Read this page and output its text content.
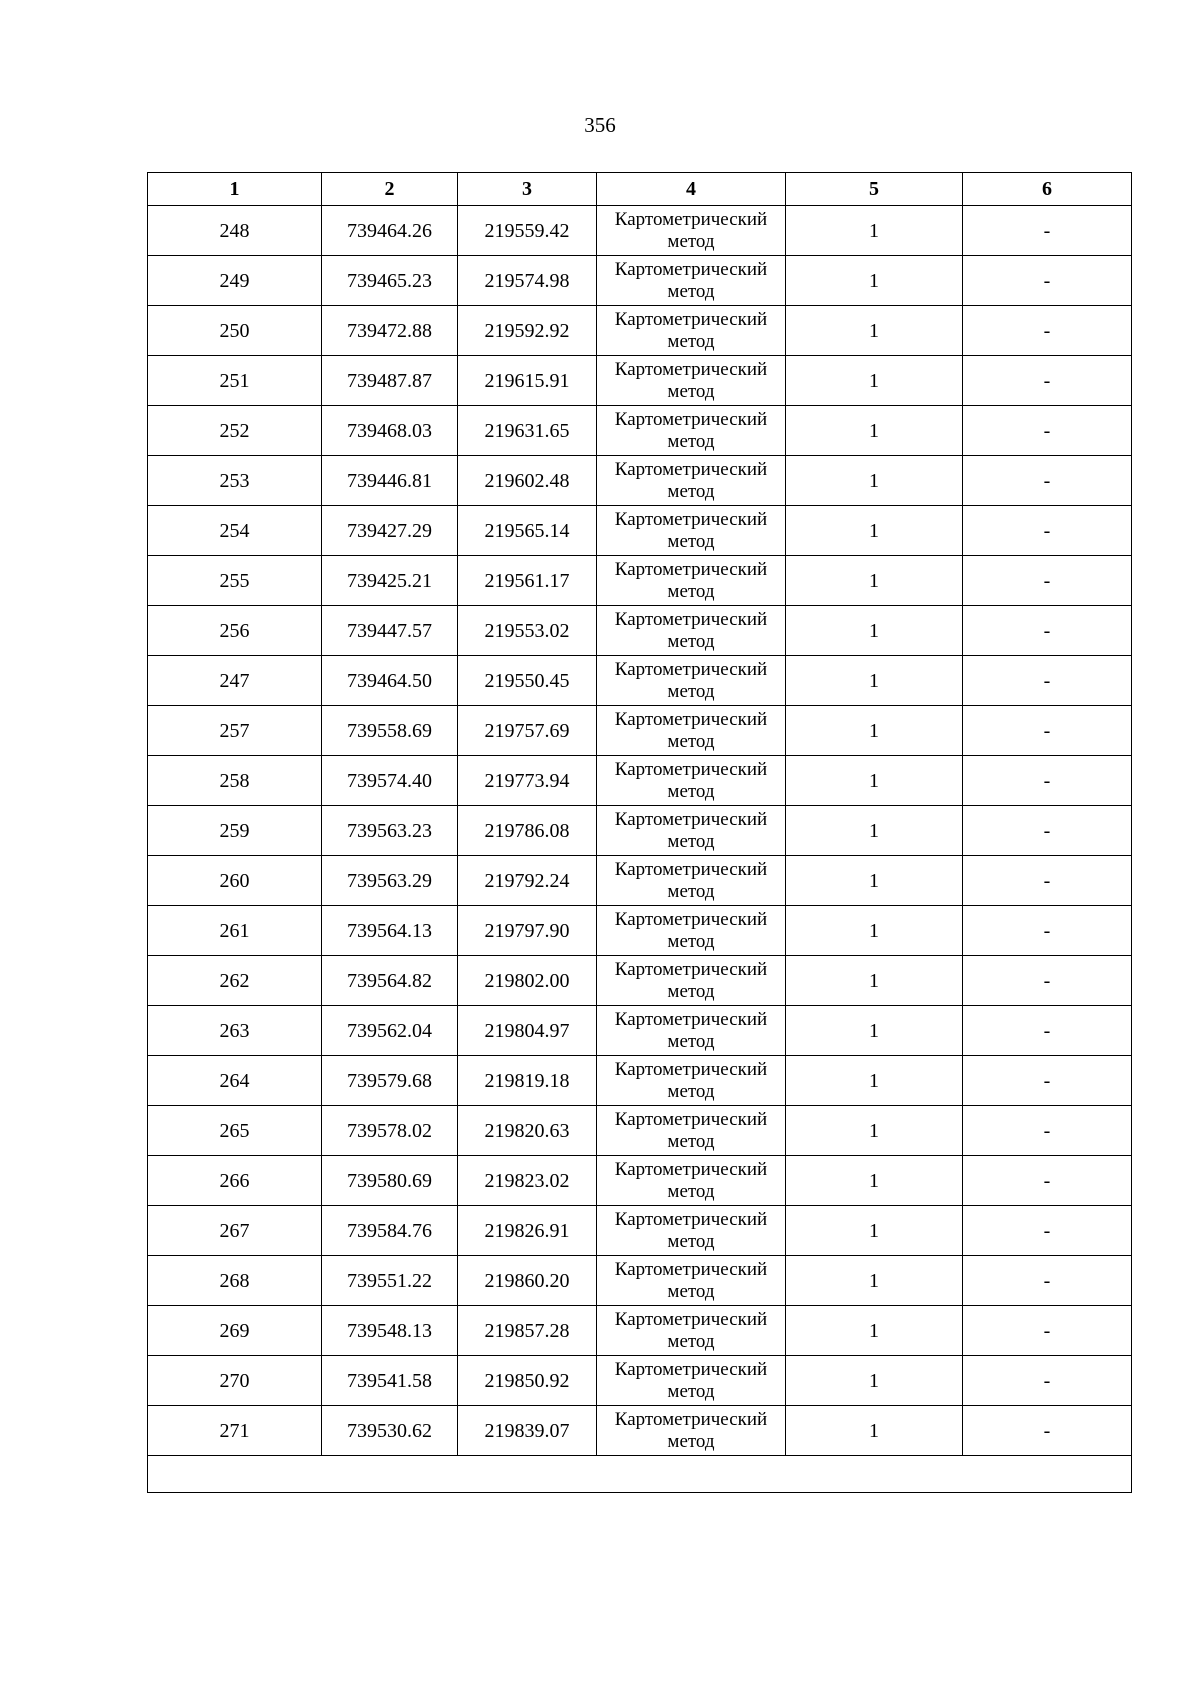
356
1	2	3	4	5	6
248	739464.26	219559.42	Картометрический метод	1	-
249	739465.23	219574.98	Картометрический метод	1	-
250	739472.88	219592.92	Картометрический метод	1	-
251	739487.87	219615.91	Картометрический метод	1	-
252	739468.03	219631.65	Картометрический метод	1	-
253	739446.81	219602.48	Картометрический метод	1	-
254	739427.29	219565.14	Картометрический метод	1	-
255	739425.21	219561.17	Картометрический метод	1	-
256	739447.57	219553.02	Картометрический метод	1	-
247	739464.50	219550.45	Картометрический метод	1	-
257	739558.69	219757.69	Картометрический метод	1	-
258	739574.40	219773.94	Картометрический метод	1	-
259	739563.23	219786.08	Картометрический метод	1	-
260	739563.29	219792.24	Картометрический метод	1	-
261	739564.13	219797.90	Картометрический метод	1	-
262	739564.82	219802.00	Картометрический метод	1	-
263	739562.04	219804.97	Картометрический метод	1	-
264	739579.68	219819.18	Картометрический метод	1	-
265	739578.02	219820.63	Картометрический метод	1	-
266	739580.69	219823.02	Картометрический метод	1	-
267	739584.76	219826.91	Картометрический метод	1	-
268	739551.22	219860.20	Картометрический метод	1	-
269	739548.13	219857.28	Картометрический метод	1	-
270	739541.58	219850.92	Картометрический метод	1	-
271	739530.62	219839.07	Картометрический метод	1	-
